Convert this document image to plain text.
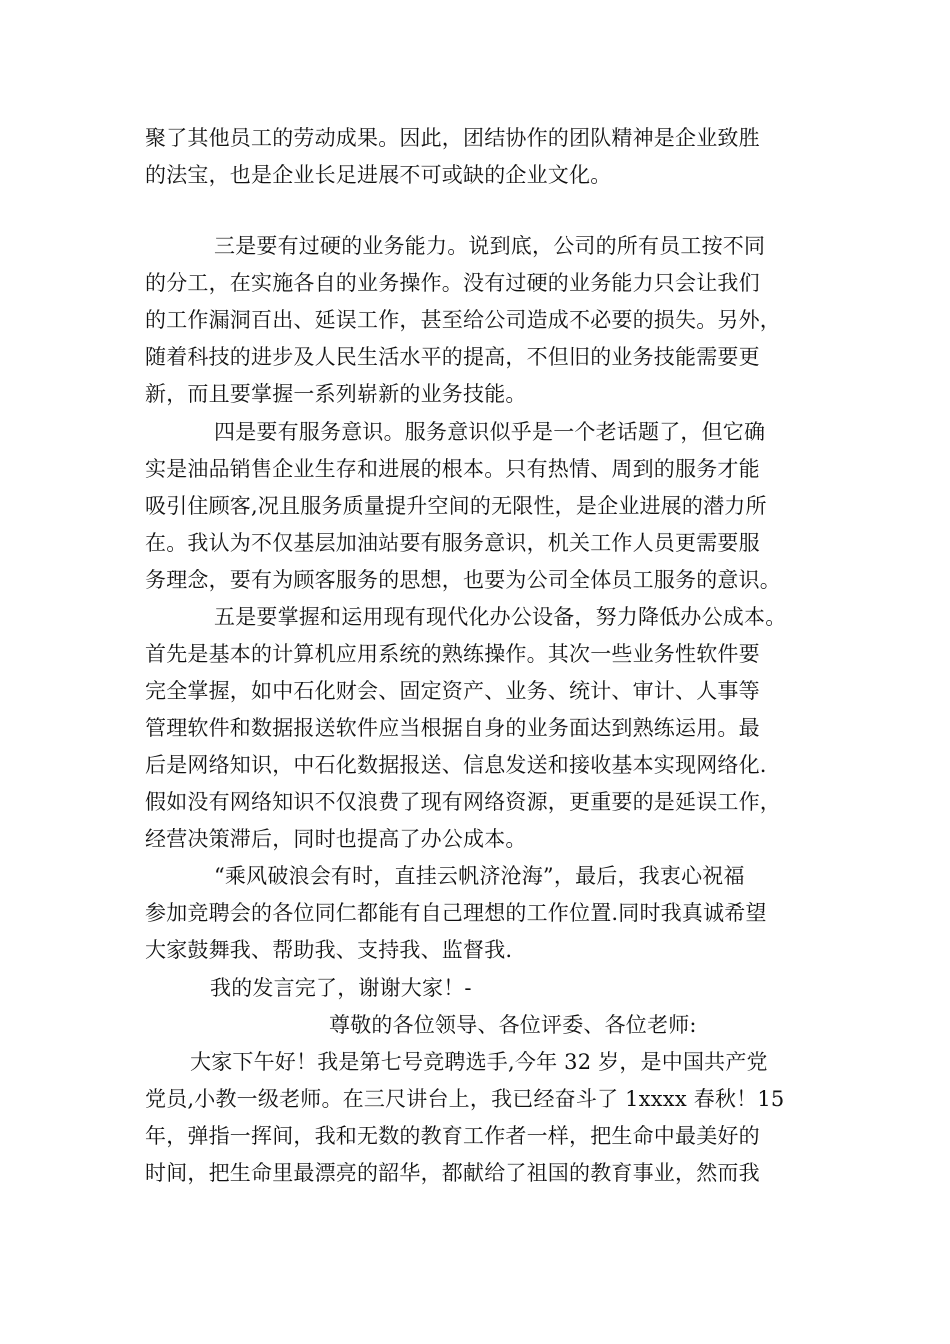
聚了其他员工的劳动成果。因此，团结协作的团队精神是企业致胜
的法宝，也是企业长足进展不可或缺的企业文化。
三是要有过硬的业务能力。说到底，公司的所有员工按不同
的分工，在实施各自的业务操作。没有过硬的业务能力只会让我们
的工作漏洞百出、延误工作，甚至给公司造成不必要的损失。另外，
随着科技的进步及人民生活水平的提高，不但旧的业务技能需要更
新，而且要掌握一系列崭新的业务技能。
四是要有服务意识。服务意识似乎是一个老话题了，但它确
实是油品销售企业生存和进展的根本。只有热情、周到的服务才能
吸引住顾客,况且服务质量提升空间的无限性，是企业进展的潜力所
在。我认为不仅基层加油站要有服务意识，机关工作人员更需要服
务理念，要有为顾客服务的思想，也要为公司全体员工服务的意识。
五是要掌握和运用现有现代化办公设备，努力降低办公成本。
首先是基本的计算机应用系统的熟练操作。其次一些业务性软件要
完全掌握，如中石化财会、固定资产、业务、统计、审计、人事等
管理软件和数据报送软件应当根据自身的业务面达到熟练运用。最
后是网络知识，中石化数据报送、信息发送和接收基本实现网络化.
假如没有网络知识不仅浪费了现有网络资源，更重要的是延误工作，
经营决策滞后，同时也提高了办公成本。
“乘风破浪会有时，直挂云帆济沧海”，最后，我衷心祝福
参加竞聘会的各位同仁都能有自己理想的工作位置.同时我真诚希望
大家鼓舞我、帮助我、支持我、监督我.
我的发言完了，谢谢大家！-
尊敬的各位领导、各位评委、各位老师:
大家下午好！我是第七号竞聘选手,今年 32 岁，是中国共产党
党员,小教一级老师。在三尺讲台上，我已经奋斗了 1xxxx 春秋！15
年，弹指一挥间，我和无数的教育工作者一样，把生命中最美好的
时间，把生命里最漂亮的韶华，都献给了祖国的教育事业，然而我
